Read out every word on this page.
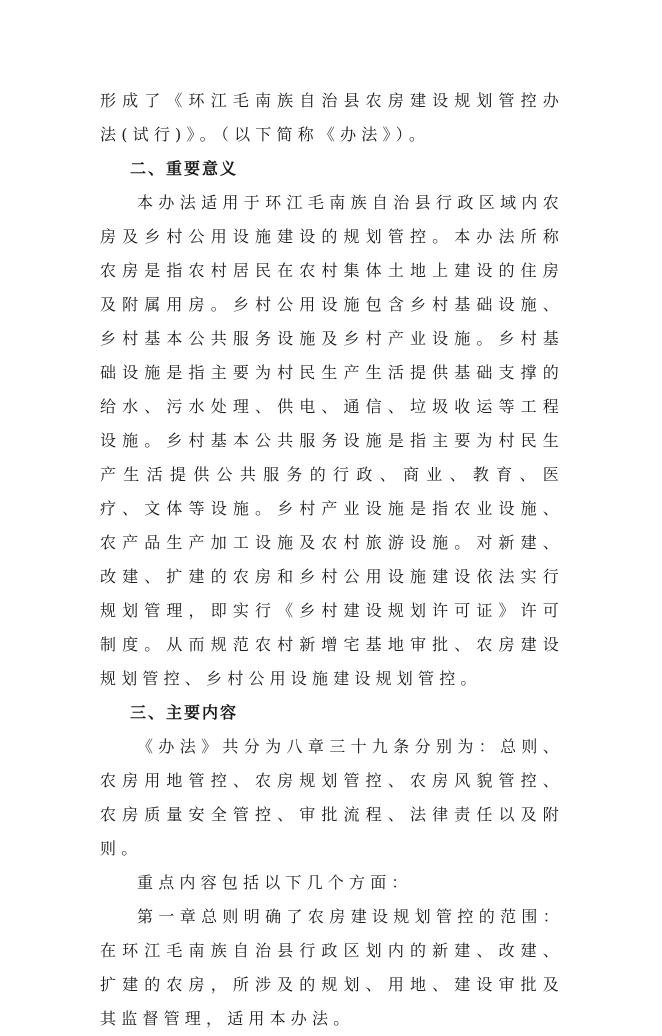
形成了《环江毛南族自治县农房建设规划管控办法(试行)》。（以下简称《办法》）。

二、重要意义

本办法适用于环江毛南族自治县行政区域内农房及乡村公用设施建设的规划管控。本办法所称农房是指农村居民在农村集体土地上建设的住房及附属用房。乡村公用设施包含乡村基础设施、乡村基本公共服务设施及乡村产业设施。乡村基础设施是指主要为村民生产生活提供基础支撑的给水、污水处理、供电、通信、垃圾收运等工程设施。乡村基本公共服务设施是指主要为村民生产生活提供公共服务的行政、商业、教育、医疗、文体等设施。乡村产业设施是指农业设施、农产品生产加工设施及农村旅游设施。对新建、改建、扩建的农房和乡村公用设施建设依法实行规划管理，即实行《乡村建设规划许可证》许可制度。从而规范农村新增宅基地审批、农房建设规划管控、乡村公用设施建设规划管控。

三、主要内容

《办法》共分为八章三十九条分别为：总则、农房用地管控、农房规划管控、农房风貌管控、农房质量安全管控、审批流程、法律责任以及附则。

重点内容包括以下几个方面：

第一章总则明确了农房建设规划管控的范围：在环江毛南族自治县行政区划内的新建、改建、扩建的农房，所涉及的规划、用地、建设审批及其监督管理，适用本办法。
